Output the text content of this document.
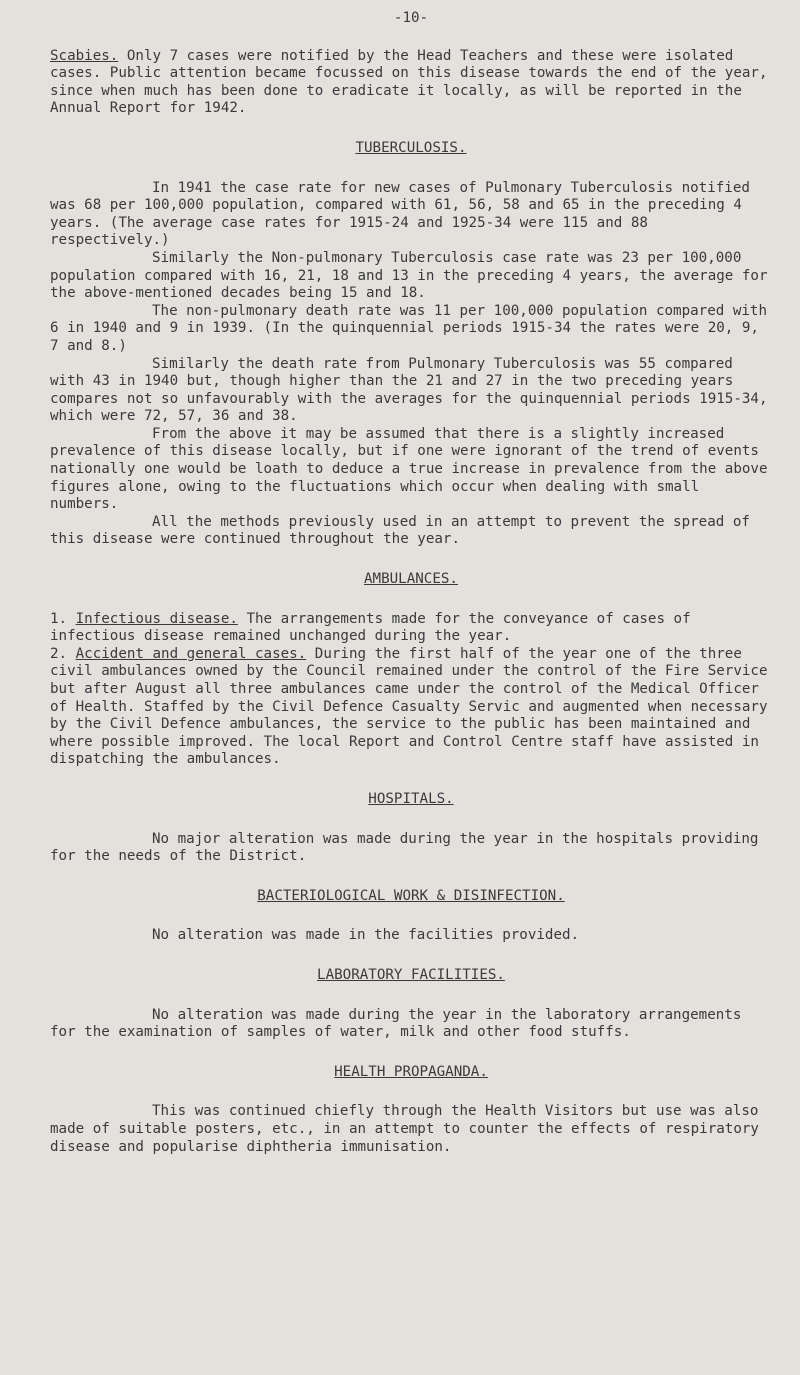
-10-

Scabies. Only 7 cases were notified by the Head Teachers and these were isolated cases. Public attention became focussed on this disease towards the end of the year, since when much has been done to eradicate it locally, as will be reported in the Annual Report for 1942.

TUBERCULOSIS.

In 1941 the case rate for new cases of Pulmonary Tuberculosis notified was 68 per 100,000 population, compared with 61, 56, 58 and 65 in the preceding 4 years. (The average case rates for 1915-24 and 1925-34 were 115 and 88 respectively.)

Similarly the Non-pulmonary Tuberculosis case rate was 23 per 100,000 population compared with 16, 21, 18 and 13 in the preceding 4 years, the average for the above-mentioned decades being 15 and 18.

The non-pulmonary death rate was 11 per 100,000 population compared with 6 in 1940 and 9 in 1939. (In the quinquennial periods 1915-34 the rates were 20, 9, 7 and 8.)

Similarly the death rate from Pulmonary Tuberculosis was 55 compared with 43 in 1940 but, though higher than the 21 and 27 in the two preceding years compares not so unfavourably with the averages for the quinquennial periods 1915-34, which were 72, 57, 36 and 38.

From the above it may be assumed that there is a slightly increased prevalence of this disease locally, but if one were ignorant of the trend of events nationally one would be loath to deduce a true increase in prevalence from the above figures alone, owing to the fluctuations which occur when dealing with small numbers.

All the methods previously used in an attempt to prevent the spread of this disease were continued throughout the year.

AMBULANCES.

1. Infectious disease. The arrangements made for the conveyance of cases of infectious disease remained unchanged during the year.

2. Accident and general cases. During the first half of the year one of the three civil ambulances owned by the Council remained under the control of the Fire Service but after August all three ambulances came under the control of the Medical Officer of Health. Staffed by the Civil Defence Casualty Servic and augmented when necessary by the Civil Defence ambulances, the service to the public has been maintained and where possible improved. The local Report and Control Centre staff have assisted in dispatching the ambulances.

HOSPITALS.

No major alteration was made during the year in the hospitals providing for the needs of the District.

BACTERIOLOGICAL WORK & DISINFECTION.

No alteration was made in the facilities provided.

LABORATORY FACILITIES.

No alteration was made during the year in the laboratory arrangements for the examination of samples of water, milk and other food stuffs.

HEALTH PROPAGANDA.

This was continued chiefly through the Health Visitors but use was also made of suitable posters, etc., in an attempt to counter the effects of respiratory disease and popularise diphtheria immunisation.
